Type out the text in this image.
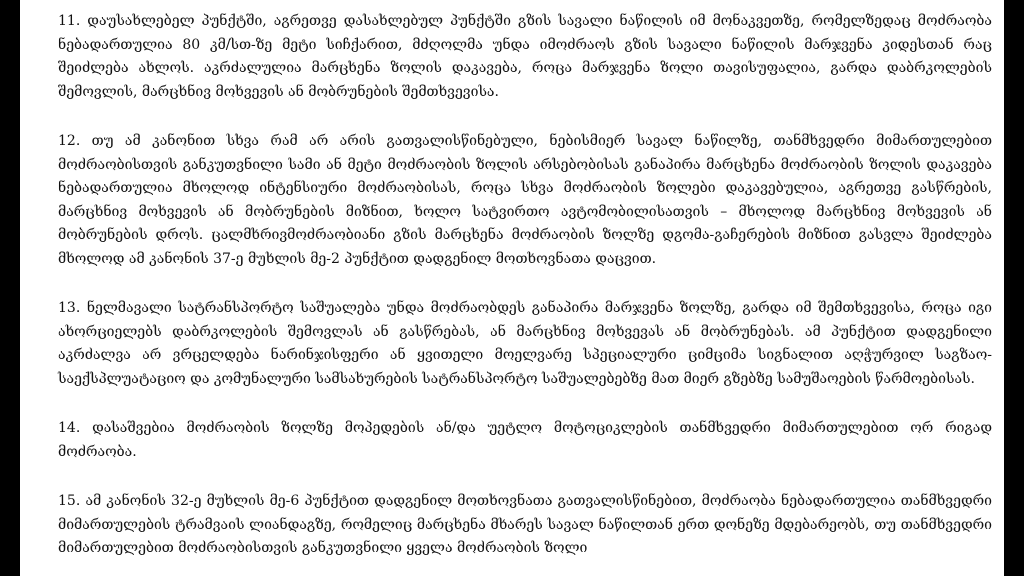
11. დაუსახლებელ პუნქტში, აგრეთვე დასახლებულ პუნქტში გზის სავალი ნაწილის იმ მონაკვეთზე, რომელზედაც მოძრაობა ნებადართულია 80 კმ/სთ-ზე მეტი სიჩქარით, მძღოლმა უნდა იმოძრაოს გზის სავალი ნაწილის მარჯვენა კიდესთან რაც შეიძლება ახლოს. აკრძალულია მარცხენა ზოლის დაკავება, როცა მარჯვენა ზოლი თავისუფალია, გარდა დაბრკოლების შემოვლის, მარცხნივ მოხვევის ან მობრუნების შემთხვევისა.

12. თუ ამ კანონით სხვა რამ არ არის გათვალისწინებული, ნებისმიერ სავალ ნაწილზე, თანმხვედრი მიმართულებით მოძრაობისთვის განკუთვნილი სამი ან მეტი მოძრაობის ზოლის არსებობისას განაპირა მარცხენა მოძრაობის ზოლის დაკავება ნებადართულია მხოლოდ ინტენსიური მოძრაობისას, როცა სხვა მოძრაობის ზოლები დაკავებულია, აგრეთვე გასწრების, მარცხნივ მოხვევის ან მობრუნების მიზნით, ხოლო სატვირთო ავტომობილისათვის – მხოლოდ მარცხნივ მოხვევის ან მობრუნების დროს. ცალმხრივმოძრაობიანი გზის მარცხენა მოძრაობის ზოლზე დგომა-გაჩერების მიზნით გასვლა შეიძლება მხოლოდ ამ კანონის 37-ე მუხლის მე-2 პუნქტით დადგენილ მოთხოვნათა დაცვით.

13. ნელმავალი სატრანსპორტო საშუალება უნდა მოძრაობდეს განაპირა მარჯვენა ზოლზე, გარდა იმ შემთხვევისა, როცა იგი ახორციელებს დაბრკოლების შემოვლას ან გასწრებას, ან მარცხნივ მოხვევას ან მობრუნებას. ამ პუნქტით დადგენილი აკრძალვა არ ვრცელდება ნარინჯისფერი ან ყვითელი მოელვარე სპეციალური ციმციმა სიგნალით აღჭურვილ საგზაო-საექსპლუატაციო და კომუნალური სამსახურების სატრანსპორტო საშუალებებზე მათ მიერ გზებზე სამუშაოების წარმოებისას.

14. დასაშვებია მოძრაობის ზოლზე მოპედების ან/და უეტლო მოტოციკლების თანმხვედრი მიმართულებით ორ რიგად მოძრაობა.

15. ამ კანონის 32-ე მუხლის მე-6 პუნქტით დადგენილ მოთხოვნათა გათვალისწინებით, მოძრაობა ნებადართულია თანმხვედრი მიმართულების ტრამვაის ლიანდაგზე, რომელიც მარცხენა მხარეს სავალ ნაწილთან ერთ დონეზე მდებარეობს, თუ თანმხვედრი მიმართულებით მოძრაობისთვის განკუთვნილი ყველა მოძრაობის ზოლი
